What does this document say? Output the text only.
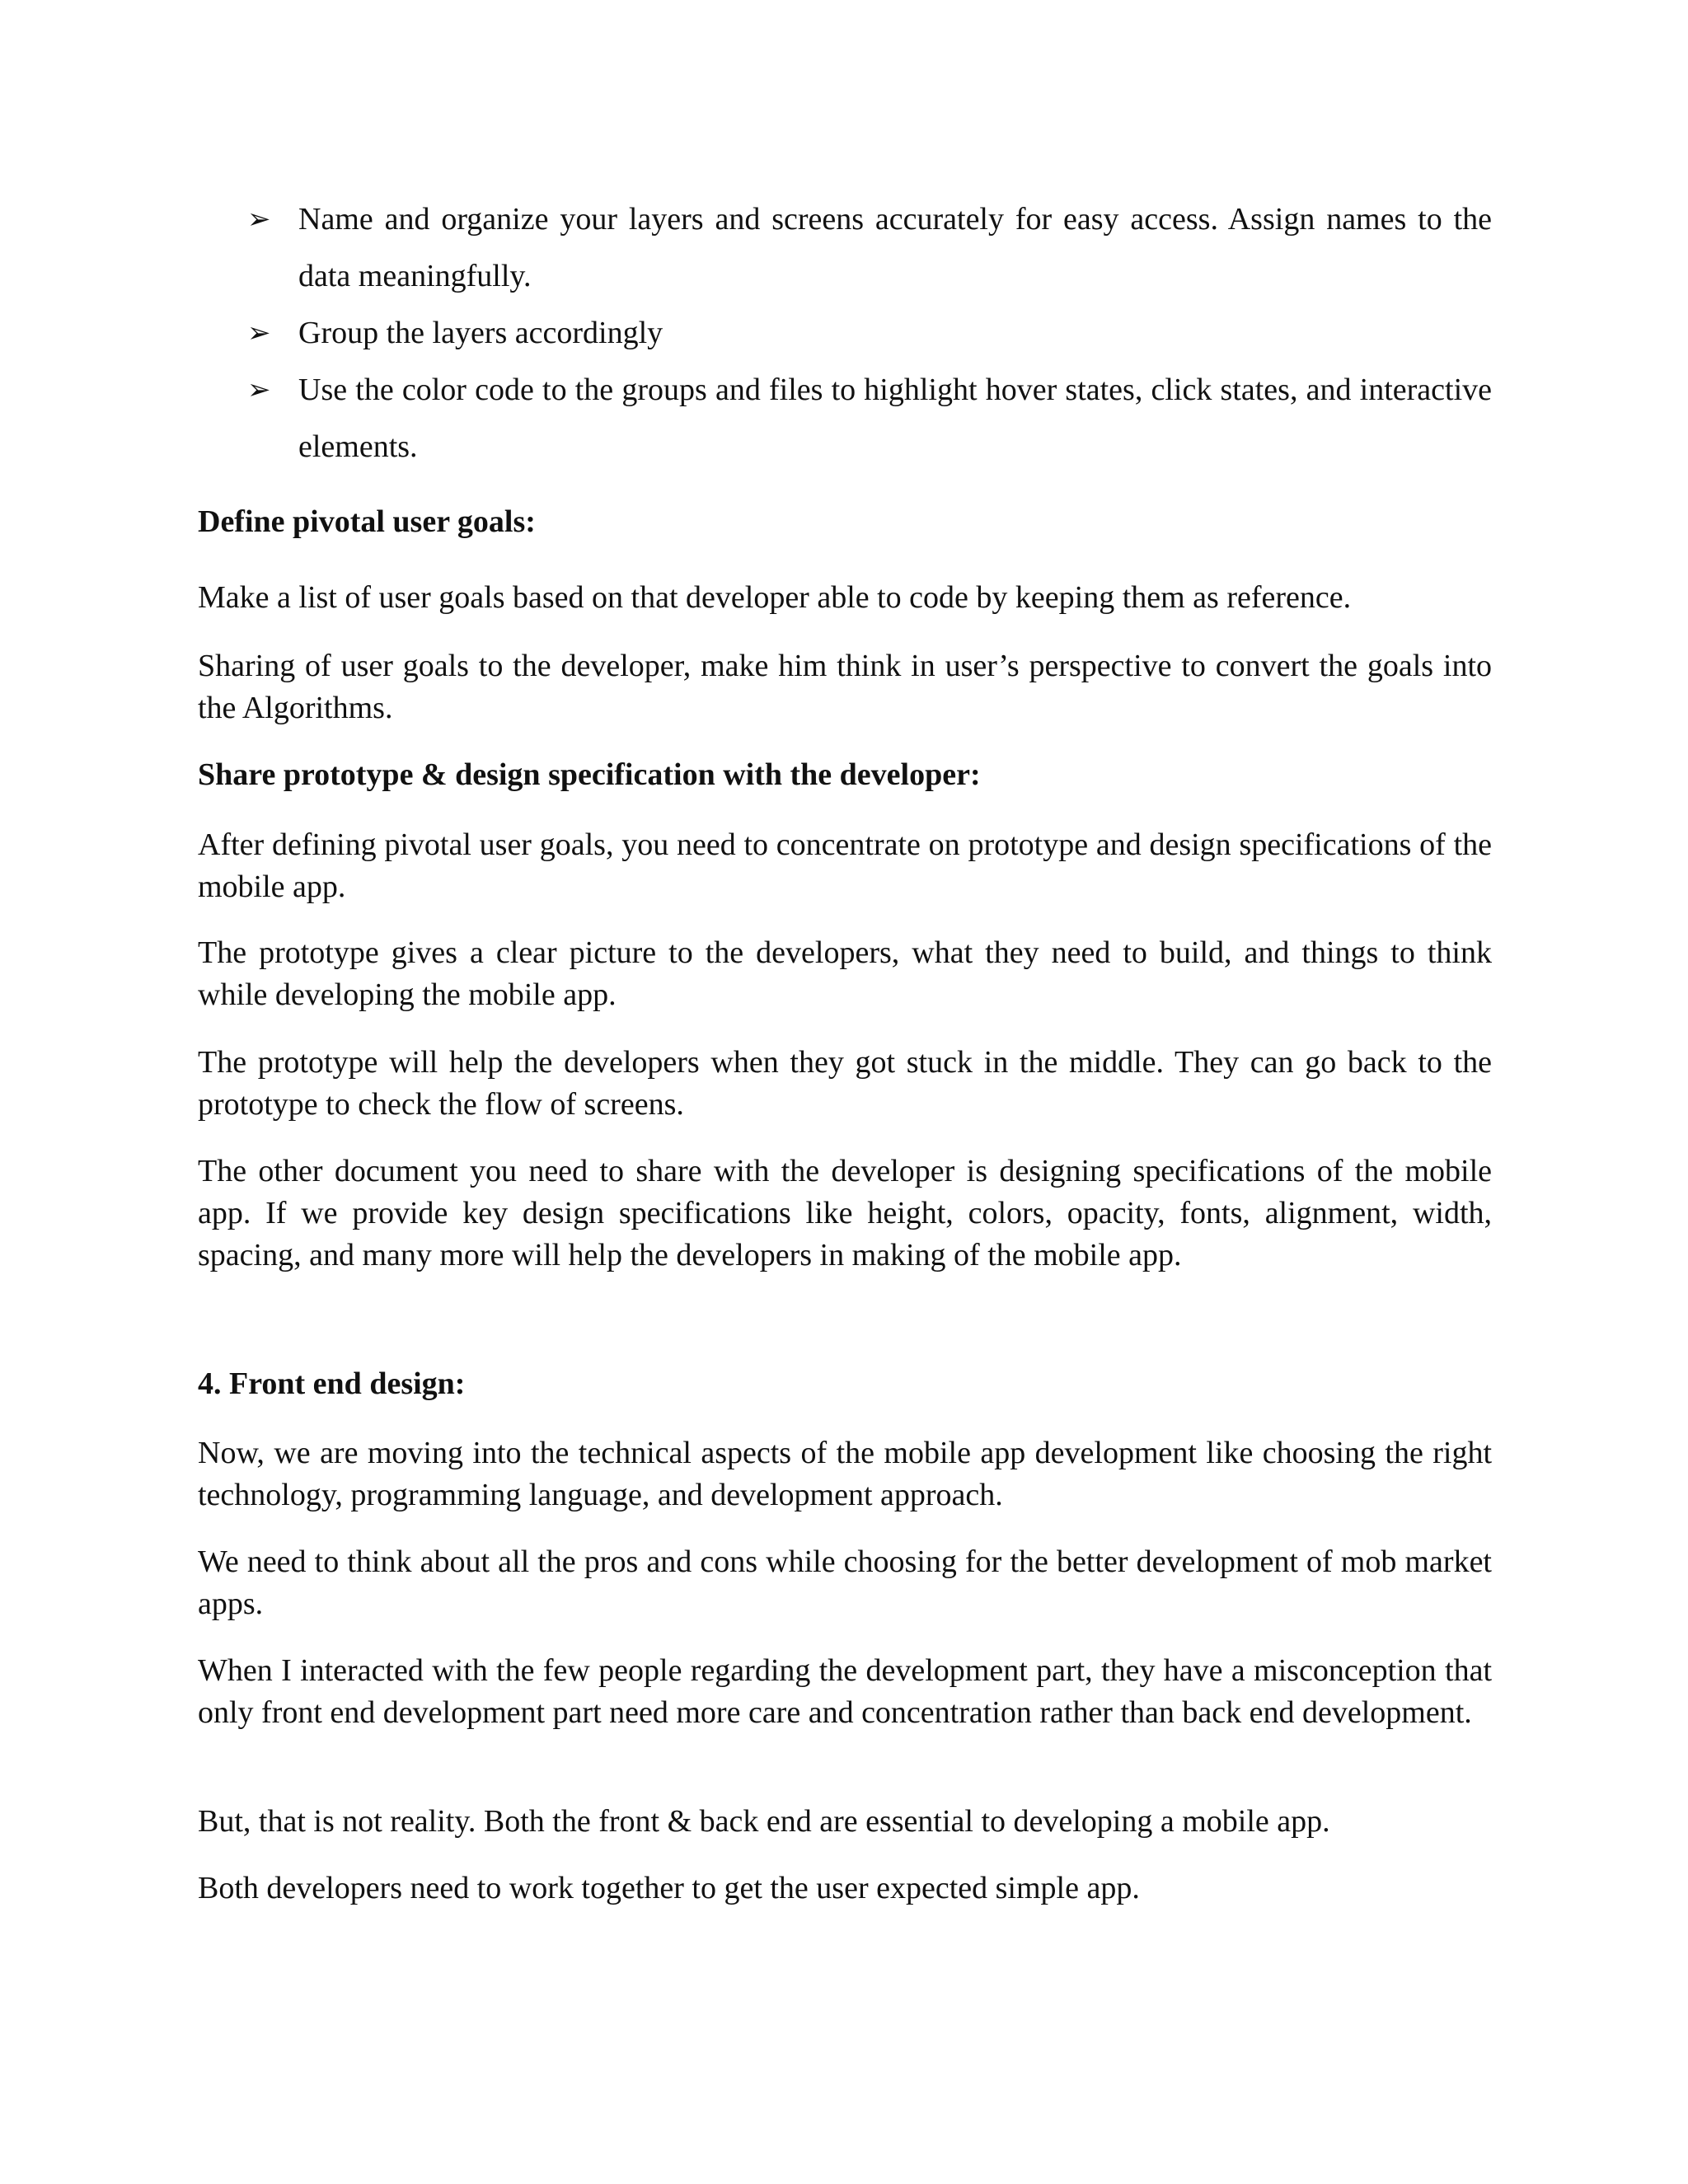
➢ Name and organize your layers and screens accurately for easy access. Assign names to the data meaningfully.
➢ Group the layers accordingly
➢ Use the color code to the groups and files to highlight hover states, click states, and interactive elements.
Define pivotal user goals:

Make a list of user goals based on that developer able to code by keeping them as reference.

Sharing of user goals to the developer, make him think in user’s perspective to convert the goals into the Algorithms.

Share prototype & design specification with the developer:

After defining pivotal user goals, you need to concentrate on prototype and design specifications of the mobile app.

The prototype gives a clear picture to the developers, what they need to build, and things to think while developing the mobile app.

The prototype will help the developers when they got stuck in the middle. They can go back to the prototype to check the flow of screens.

The other document you need to share with the developer is designing specifications of the mobile app. If we provide key design specifications like height, colors, opacity, fonts, alignment, width, spacing, and many more will help the developers in making of the mobile app.

4. Front end design:

Now, we are moving into the technical aspects of the mobile app development like choosing the right technology, programming language, and development approach.

We need to think about all the pros and cons while choosing for the better development of mob market apps.

When I interacted with the few people regarding the development part, they have a misconception that only front end development part need more care and concentration rather than back end development.

But, that is not reality. Both the front & back end are essential to developing a mobile app.

Both developers need to work together to get the user expected simple app.
